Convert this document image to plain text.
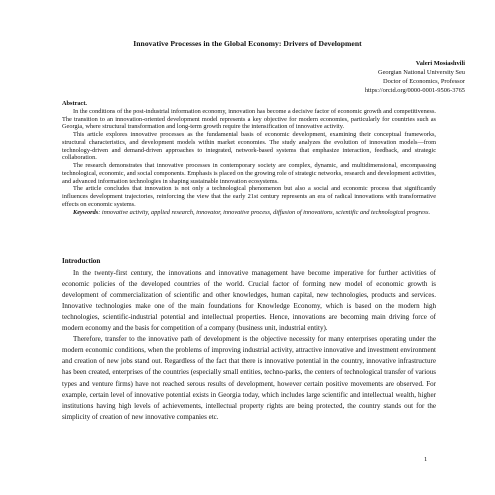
Innovative Processes in the Global Economy: Drivers of Development
Valeri Mosiashvili
Georgian National University Seu
Doctor of Economics, Professor
https://orcid.org/0000-0001-9506-3765

Abstract.

In the conditions of the post-industrial information economy, innovation has become a decisive factor of economic growth and competitiveness. The transition to an innovation-oriented development model represents a key objective for modern economies, particularly for countries such as Georgia, where structural transformation and long-term growth require the intensification of innovative activity.

This article explores innovative processes as the fundamental basis of economic development, examining their conceptual frameworks, structural characteristics, and development models within market economies. The study analyzes the evolution of innovation models—from technology-driven and demand-driven approaches to integrated, network-based systems that emphasize interaction, feedback, and strategic collaboration.

The research demonstrates that innovative processes in contemporary society are complex, dynamic, and multidimensional, encompassing technological, economic, and social components. Emphasis is placed on the growing role of strategic networks, research and development activities, and advanced information technologies in shaping sustainable innovation ecosystems.

The article concludes that innovation is not only a technological phenomenon but also a social and economic process that significantly influences development trajectories, reinforcing the view that the early 21st century represents an era of radical innovations with transformative effects on economic systems.

Keywords: innovative activity, applied research, innovator, innovative process, diffusion of innovations, scientific and technological progress.

Introduction

In the twenty-first century, the innovations and innovative management have become imperative for further activities of economic policies of the developed countries of the world. Crucial factor of forming new model of economic growth is development of commercialization of scientific and other knowledges, human capital, new technologies, products and services. Innovative technologies make one of the main foundations for Knowledge Economy, which is based on the modern high technologies, scientific-industrial potential and intellectual properties. Hence, innovations are becoming main driving force of modern economy and the basis for competition of a company (business unit, industrial entity).

Therefore, transfer to the innovative path of development is the objective necessity for many enterprises operating under the modern economic conditions, when the problems of improving industrial activity, attractive innovative and investment environment and creation of new jobs stand out. Regardless of the fact that there is innovative potential in the country, innovative infrastructure has been created, enterprises of the countries (especially small entities, techno-parks, the centers of technological transfer of various types and venture firms) have not reached serous results of development, however certain positive movements are observed. For example, certain level of innovative potential exists in Georgia today, which includes large scientific and intellectual wealth, higher institutions having high levels of achievements, intellectual property rights are being protected, the country stands out for the simplicity of creation of new innovative companies etc.

1
